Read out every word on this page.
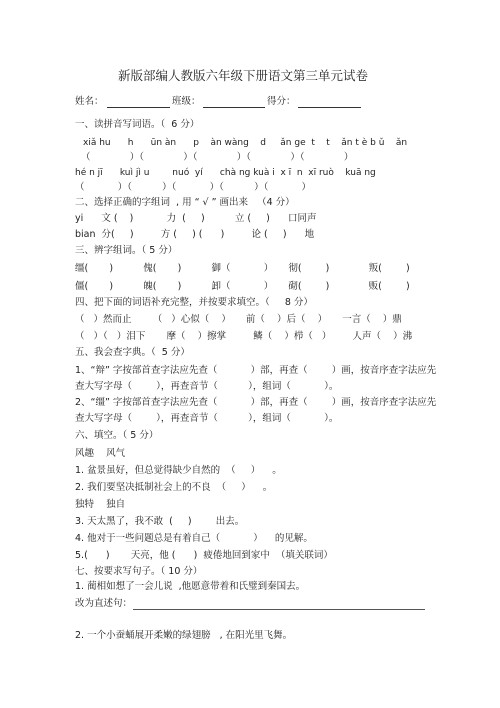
新版部编人教版六年级下册语文第三单元试卷
姓名：	班级：	得分：
一、读拼音写词语。（  6 分）
xiǎ hu      h      ūn àn      p    àn wàng    d     ǎn ge  t    t    ǎn t è b ǔ    ǎn
（             ）（             ）（             ）（             ）（             ）
hé n jī      kuì jì u        nuó  yí      chà ng kuà i  x ī  n  xī ruò    kuā ng
（           ）（          ）（           ）（          ）（           ）
二、选择正确的字组词  , 用 “ √ ” 画出来   （4 分）
yi      文 (    )           力  (     )          立 (     )      口同声
bian  分(     )         方 (     ) (      )         论 (     )      地
三、辨字组词。（ 5 分）
缰(       )          傀(       )          御（           ）     彻(        )             叛(        )
僵(       )          魄(       )          卸（           ）     砌(        )             贩(        )
四、把下面的词语补充完整，并按要求填空。（     8 分）
（   ）然而止       （   ）心似（    ）     前（    ）后（    ）     一言（    ）鼎
（   ）（   ）泪下       摩（    ）擦掌         鳞（    ）栉（   ）       人声（    ）沸
五、我会查字典。（  5 分）
1、“辩” 字按部首查字法应先查（           ）部，再查（        ）画，按音序查字法应先
查大写字母（        ），再查音节（          ），组词（           ）。
2、“缰” 字按部首查字法应先查（           ）部，再查（        ）画，按音序查字法应先
查大写字母（        ），再查音节（          ），组词（           ）。
六、填空。（ 5 分）
风趣    风气
1. 盆景虽好，但总觉得缺少自然的  （     ）    。
2. 我们要坚决抵制社会上的不良  （     ）    。
独特    独自
3. 天太黑了，我不敢  (     )        出去。
4. 他对于一些问题总是有着自己（           ）    的见解。
5.(      )       天亮，他 (      )  疲倦地回到家中  （填关联词）
七、按要求写句子。（ 10 分）
1. 蔺相如想了一会儿说  ,他愿意带着和氏璧到秦国去。
改为直述句：
2. 一个小蚕蛹展开柔嫩的绿翅膀   , 在阳光里飞舞。
